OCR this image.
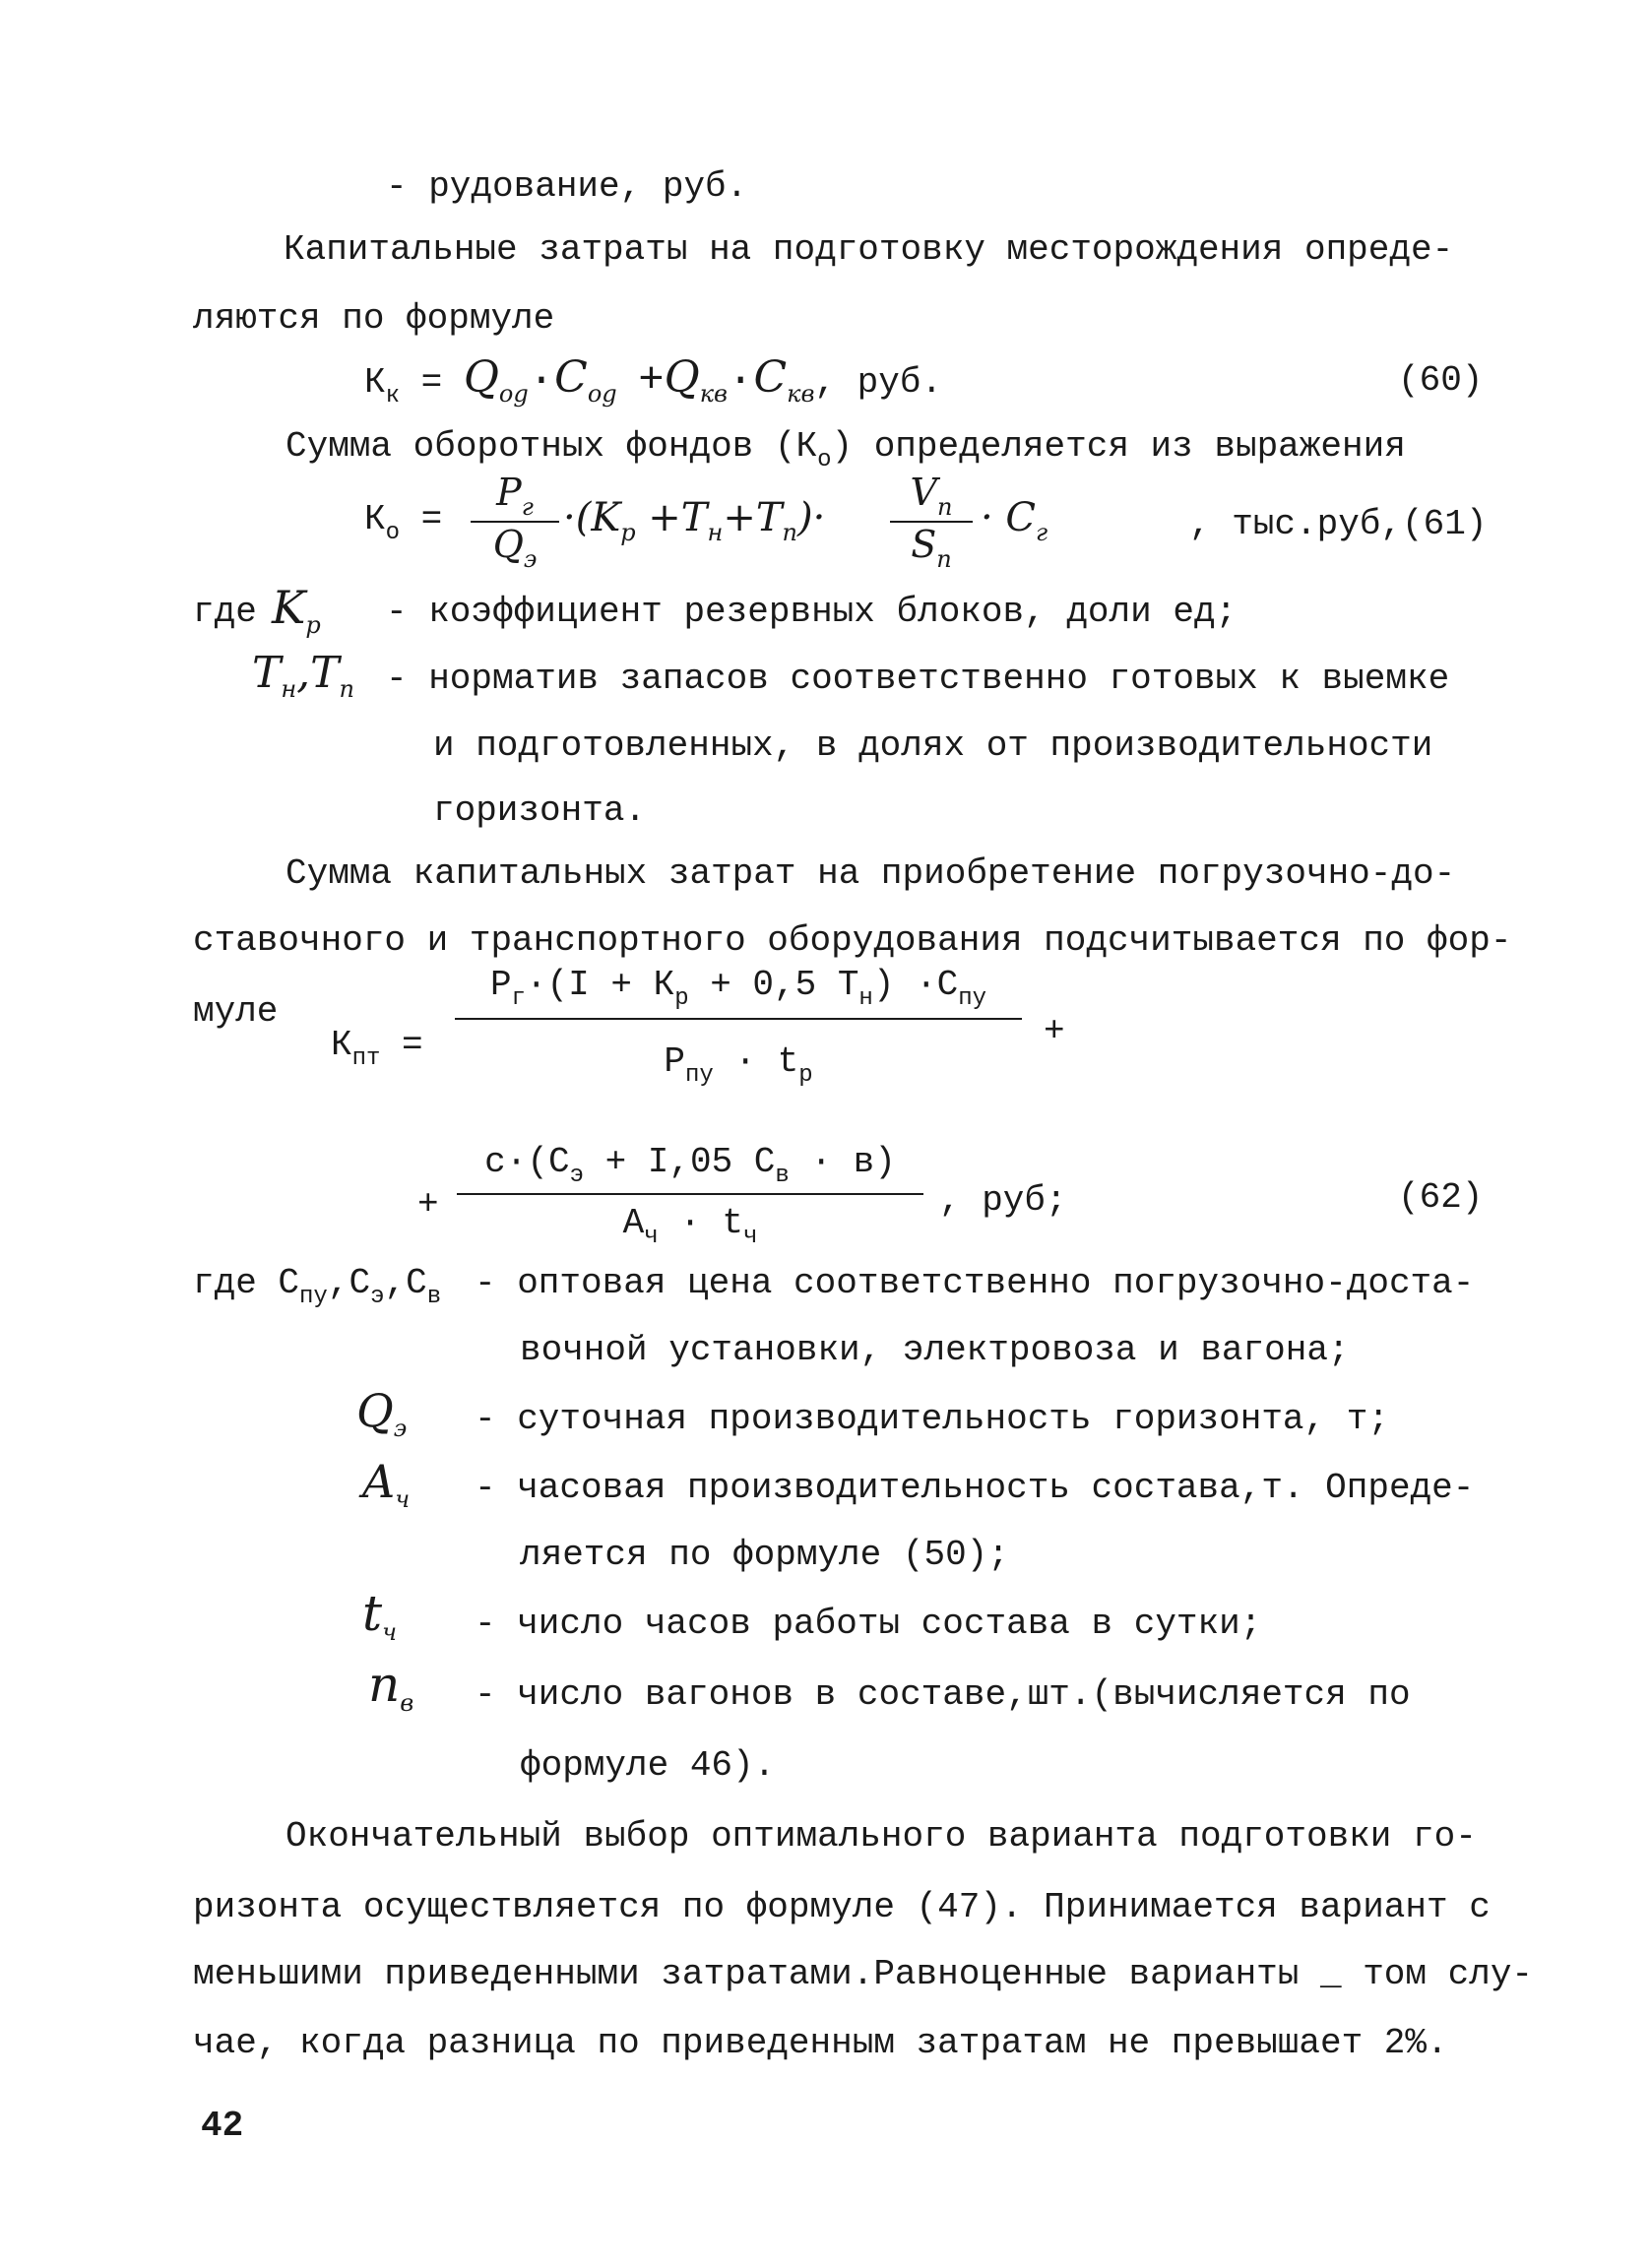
- рудование, руб.
Капитальные затраты на подготовку месторождения опреде-
ляются по формуле
$К_к = Q_{og}\cdot C_{og} +Q_{кв}\cdot C_{кв}$, руб.	(60)
Сумма оборотных фондов $(К_о)$ определяется из выражения
$К_о$ =
$P_г$
$Q_э$
$\cdot(K_p +T_н+T_п)\cdot$
$V_п$
$S_п$
· $C_г$	, тыс.руб,(61)
где $K_p$ - коэффициент резервных блоков, доли ед;
$T_н,T_п$ - норматив запасов соответственно готовых к выемке
и подготовленных, в долях от производительности
горизонта.
Сумма капитальных затрат на приобретение погрузочно-до-
ставочного и транспортного оборудования подсчитывается по фор-
муле
$К_{пт}$ =
$P_г\cdot(I + К_р + 0,5$ $Т_н) \cdot С_{пу}$
$Р_{пу} \cdot t_р$
+
+
$с\cdot(С_э + I,05$ $С_в \cdot в$)
$A_ч \cdot t_ч$
, руб;	(62)
где $С_{пу},С_э,С_в$ - оптовая цена соответственно погрузочно-доста-
вочной установки, электровоза и вагона;
$Q_э$ - суточная производительность горизонта, т;
$A_ч$ - часовая производительность состава,т. Опреде-
ляется по формуле (50);
$t_ч$ - число часов работы состава в сутки;
$n_в$ - число вагонов в составе,шт.(вычисляется по
формуле 46).
Окончательный выбор оптимального варианта подготовки го-
ризонта осуществляется по формуле (47). Принимается вариант с
меньшими приведенными затратами.Равноценные варианты _ том слу-
чае, когда разница по приведенным затратам не превышает 2%.
42
